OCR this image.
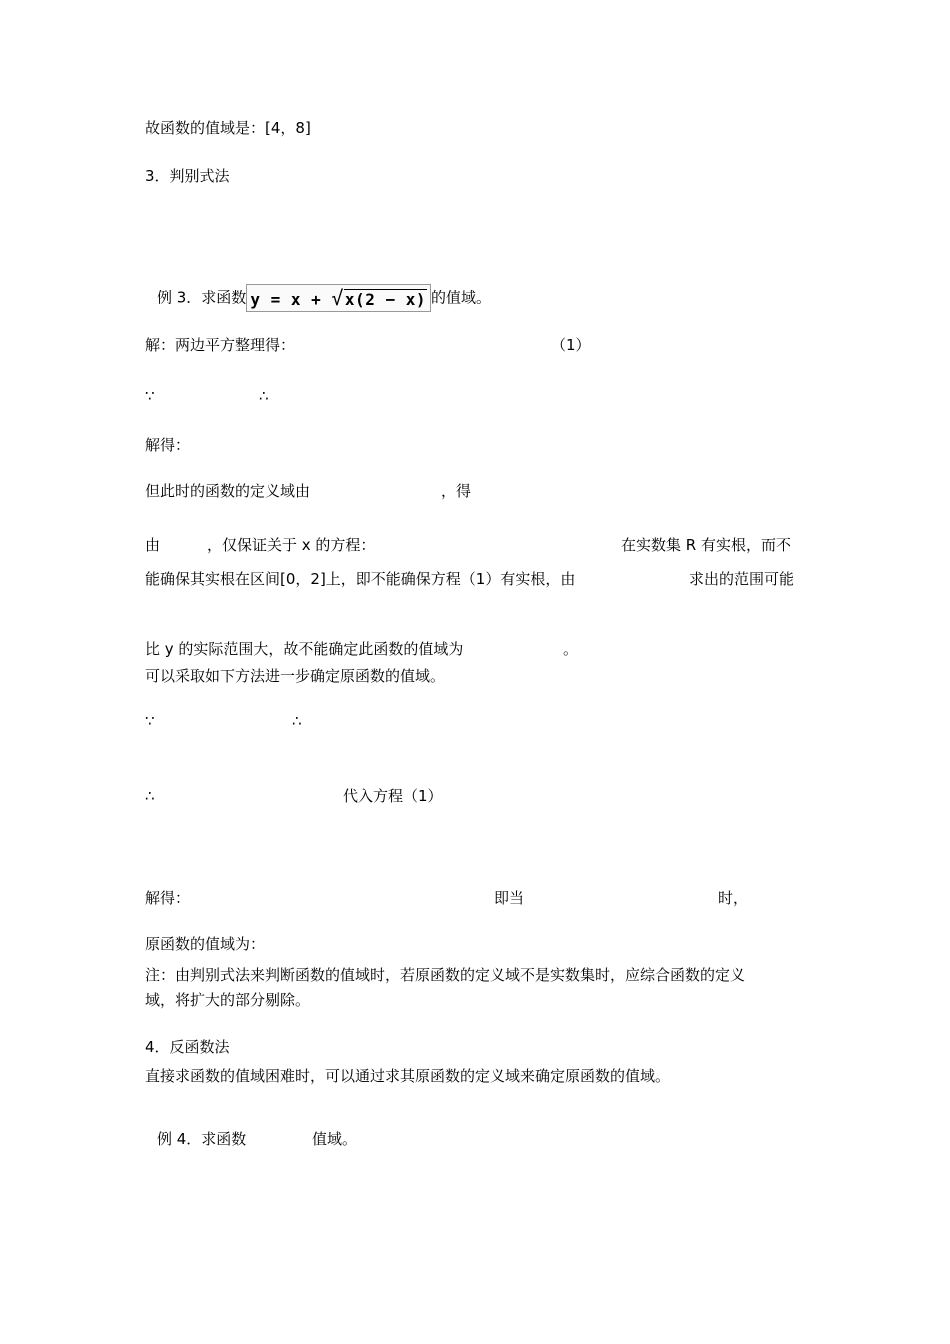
故函数的值域是：[4，8]
3．判别式法
例 3．求函数 y = x + √x(2 − x) 的值域。
解：两边平方整理得：	（1）
∵	∴
解得：
但此时的函数的定义域由	，得
由	，仅保证关于 x 的方程：	在实数集 R 有实根，而不
能确保其实根在区间[0，2]上，即不能确保方程（1）有实根，由	求出的范围可能
比 y 的实际范围大，故不能确定此函数的值域为	。
可以采取如下方法进一步确定原函数的值域。
∵	∴
∴	代入方程（1）
解得：	即当	时，
原函数的值域为：
注：由判别式法来判断函数的值域时，若原函数的定义域不是实数集时，应综合函数的定义
域，将扩大的部分剔除。
4．反函数法
直接求函数的值域困难时，可以通过求其原函数的定义域来确定原函数的值域。
例 4．求函数	值域。
